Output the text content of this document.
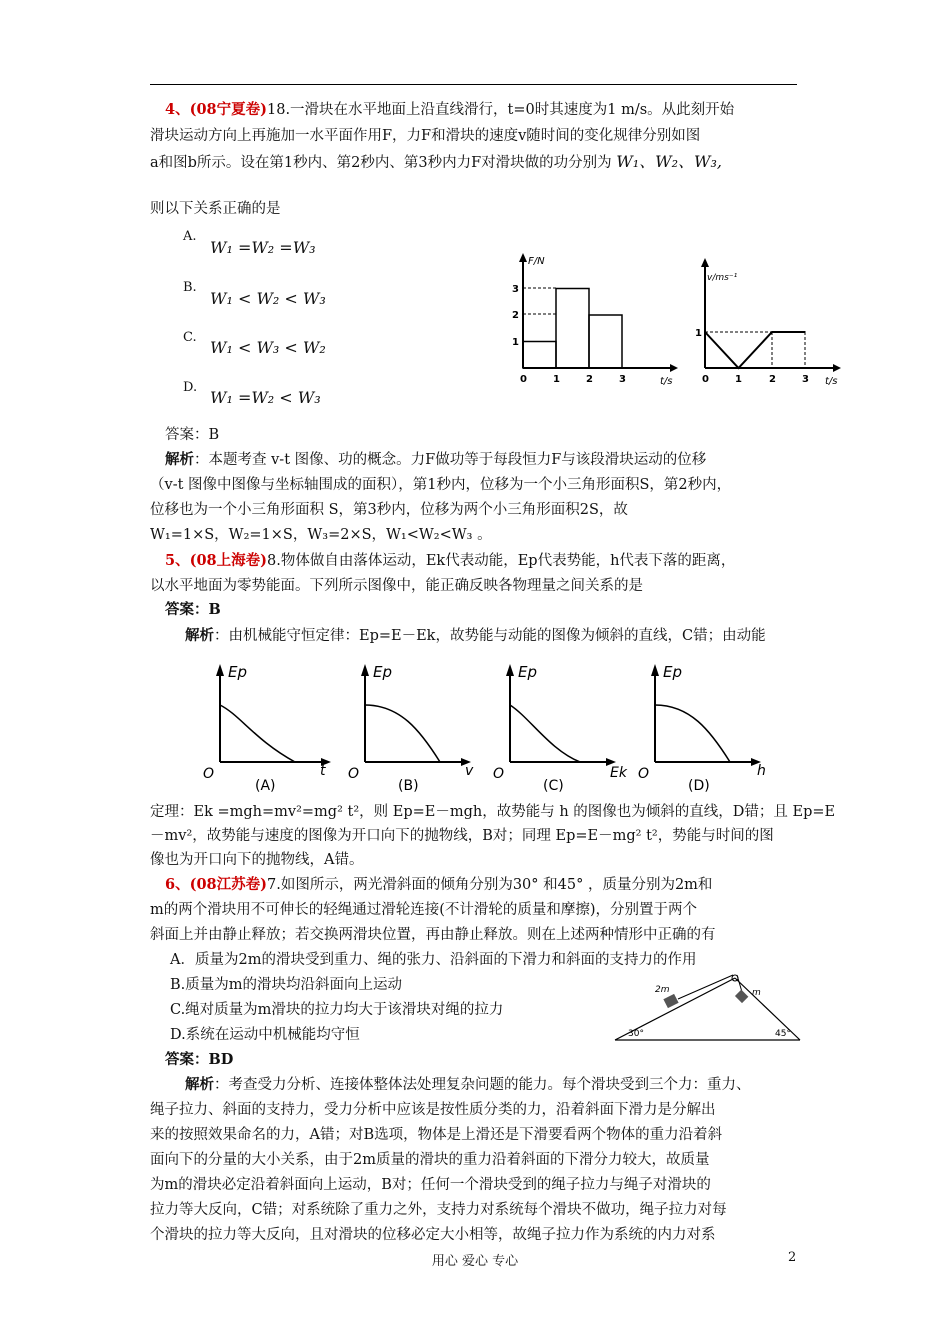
4、(08宁夏卷)18.一滑块在水平地面上沿直线滑行，t=0时其速度为1 m/s。从此刻开始
滑块运动方向上再施加一水平面作用F，力F和滑块的速度v随时间的变化规律分别如图
a和图b所示。设在第1秒内、第2秒内、第3秒内力F对滑块做的功分别为 W₁、W₂、W₃,
则以下关系正确的是
A.
W₁ =W₂ =W₃
B.
W₁ < W₂ < W₃
C.
W₁ < W₃ < W₂
D.
W₁ =W₂ < W₃
F/N
t/s
1
2
3
0	1	2	3
v/ms⁻¹
t/s
1
0	1	2	3
答案：B
解析：本题考查 v-t 图像、功的概念。力F做功等于每段恒力F与该段滑块运动的位移
（v-t 图像中图像与坐标轴围成的面积），第1秒内，位移为一个小三角形面积S，第2秒内，
位移也为一个小三角形面积 S，第3秒内，位移为两个小三角形面积2S，故
W₁=1×S，W₂=1×S，W₃=2×S，W₁<W₂<W₃ 。
5、(08上海卷)8.物体做自由落体运动，Ek代表动能，Ep代表势能，h代表下落的距离，
以水平地面为零势能面。下列所示图像中，能正确反映各物理量之间关系的是
答案：B
解析：由机械能守恒定律：Ep=E－Ek，故势能与动能的图像为倾斜的直线，C错；由动能
Ep
O	t
(A)
Ep
O	v
(B)
Ep
O	Ek
(C)
Ep
O	h
(D)
定理：Ek =mgh=mv²=mg² t²，则 Ep=E－mgh，故势能与 h 的图像也为倾斜的直线，D错；且 Ep=E
－mv²，故势能与速度的图像为开口向下的抛物线，B对；同理 Ep=E－mg² t²，势能与时间的图
像也为开口向下的抛物线，A错。
6、(08江苏卷)7.如图所示，两光滑斜面的倾角分别为30° 和45° ，质量分别为2m和
m的两个滑块用不可伸长的轻绳通过滑轮连接(不计滑轮的质量和摩擦)，分别置于两个
斜面上并由静止释放；若交换两滑块位置，再由静止释放。则在上述两种情形中正确的有
A．质量为2m的滑块受到重力、绳的张力、沿斜面的下滑力和斜面的支持力的作用
B.质量为m的滑块均沿斜面向上运动
C.绳对质量为m滑块的拉力均大于该滑块对绳的拉力
D.系统在运动中机械能均守恒
2m	m
30°	45°
答案：BD
解析：考查受力分析、连接体整体法处理复杂问题的能力。每个滑块受到三个力：重力、
绳子拉力、斜面的支持力，受力分析中应该是按性质分类的力，沿着斜面下滑力是分解出
来的按照效果命名的力，A错；对B选项，物体是上滑还是下滑要看两个物体的重力沿着斜
面向下的分量的大小关系，由于2m质量的滑块的重力沿着斜面的下滑分力较大，故质量
为m的滑块必定沿着斜面向上运动，B对；任何一个滑块受到的绳子拉力与绳子对滑块的
拉力等大反向，C错；对系统除了重力之外，支持力对系统每个滑块不做功，绳子拉力对每
个滑块的拉力等大反向，且对滑块的位移必定大小相等，故绳子拉力作为系统的内力对系
用心 爱心 专心	2
